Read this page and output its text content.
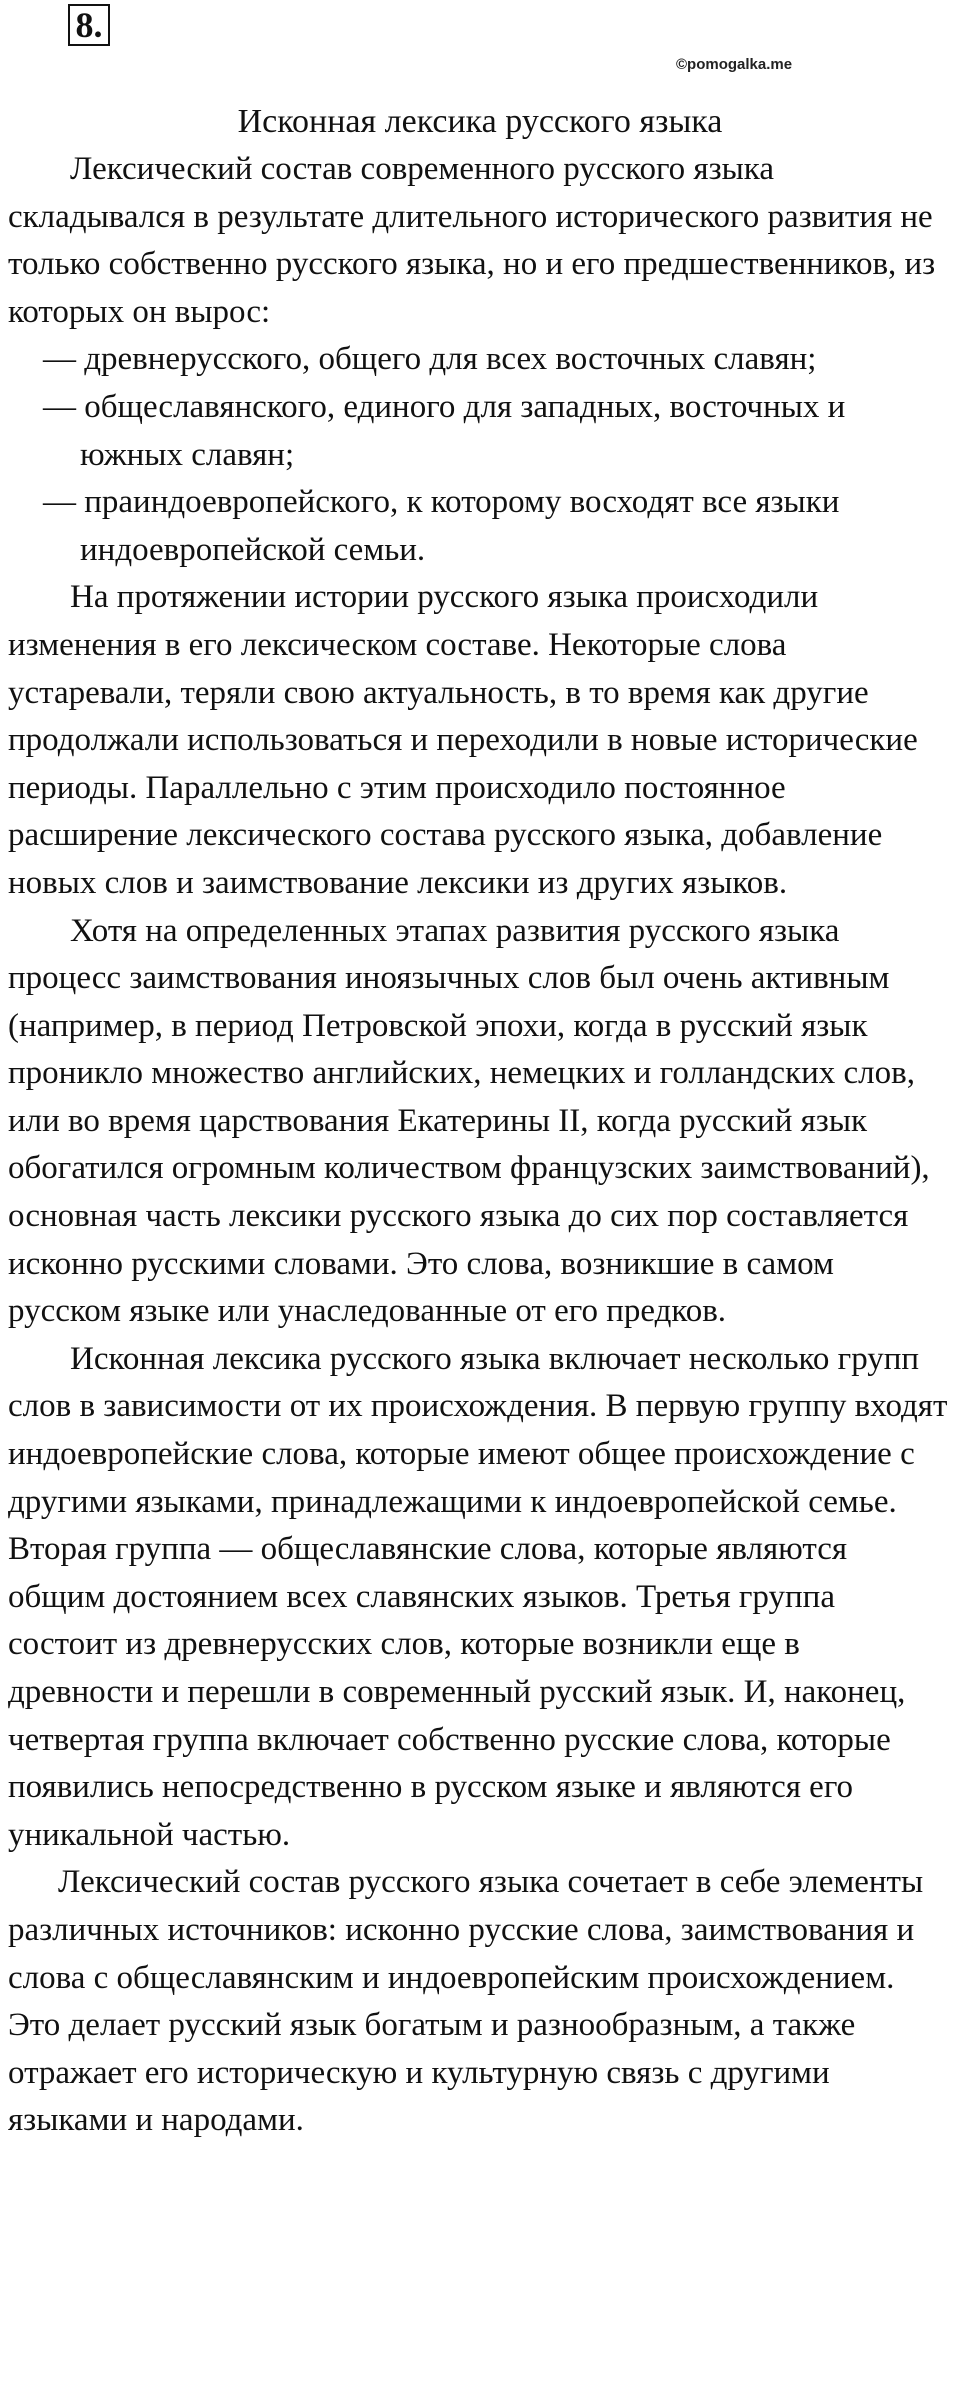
8.
©pomogalka.me
Исконная лексика русского языка

Лексический состав современного русского языка складывался в результате длительного исторического развития не только собственно русского языка, но и его предшественников, из которых он вырос:

— древнерусского, общего для всех восточных славян;

— общеславянского, единого для западных, восточных и южных славян;

— праиндоевропейского, к которому восходят все языки индоевропейской семьи.

На протяжении истории русского языка происходили изменения в его лексическом составе. Некоторые слова устаревали, теряли свою актуальность, в то время как другие продолжали использоваться и переходили в новые исторические периоды. Параллельно с этим происходило постоянное расширение лексического состава русского языка, добавление новых слов и заимствование лексики из других языков.

Хотя на определенных этапах развития русского языка процесс заимствования иноязычных слов был очень активным (например, в период Петровской эпохи, когда в русский язык проникло множество английских, немецких и голландских слов, или во время царствования Екатерины II, когда русский язык обогатился огромным количеством французских заимствований), основная часть лексики русского языка до сих пор составляется исконно русскими словами. Это слова, возникшие в самом русском языке или унаследованные от его предков.

Исконная лексика русского языка включает несколько групп слов в зависимости от их происхождения. В первую группу входят индоевропейские слова, которые имеют общее происхождение с другими языками, принадлежащими к индоевропейской семье. Вторая группа — общеславянские слова, которые являются общим достоянием всех славянских языков. Третья группа состоит из древнерусских слов, которые возникли еще в древности и перешли в современный русский язык. И, наконец, четвертая группа включает собственно русские слова, которые появились непосредственно в русском языке и являются его уникальной частью.

Лексический состав русского языка сочетает в себе элементы различных источников: исконно русские слова, заимствования и слова с общеславянским и индоевропейским происхождением. Это делает русский язык богатым и разнообразным, а также отражает его историческую и культурную связь с другими языками и народами.
